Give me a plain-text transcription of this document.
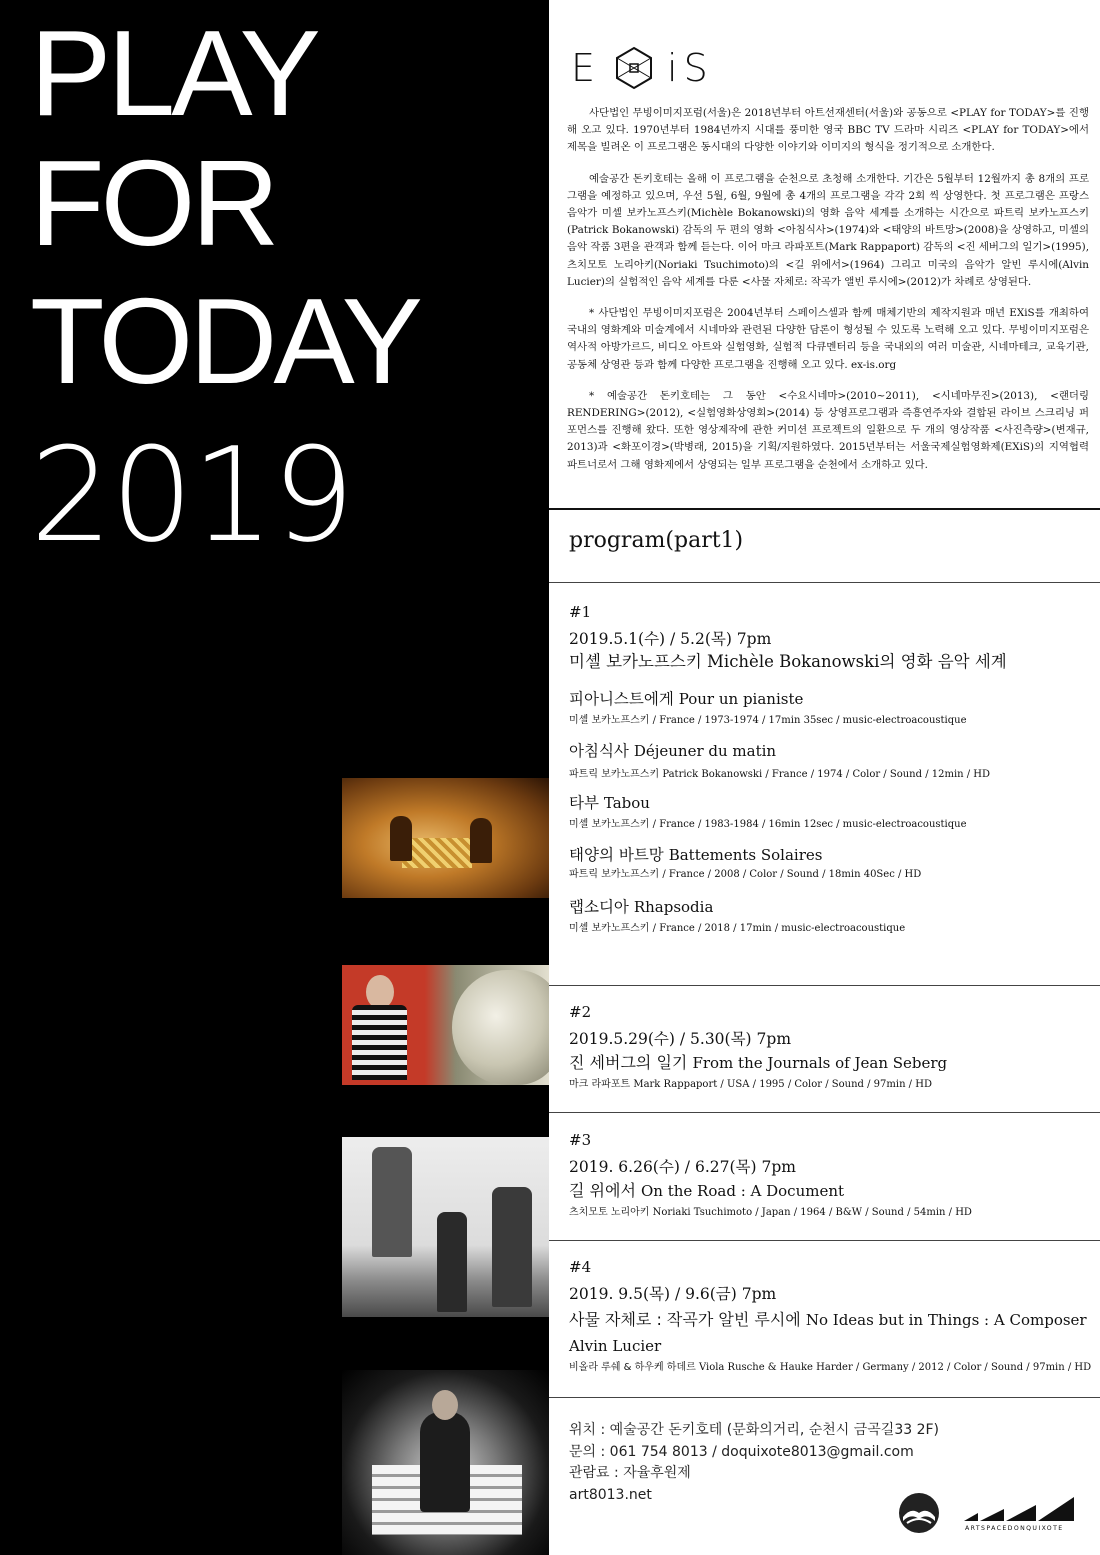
PLAY
FOR
TODAY
2019
E iS

사단법인 무빙이미지포럼(서울)은 2018년부터 아트선재센터(서울)와 공동으로 <PLAY for TODAY>를 진행해 오고 있다. 1970년부터 1984년까지 시대를 풍미한 영국 BBC TV 드라마 시리즈 <PLAY for TODAY>에서 제목을 빌려온 이 프로그램은 동시대의 다양한 이야기와 이미지의 형식을 정기적으로 소개한다.

예술공간 돈키호테는 올해 이 프로그램을 순천으로 초청해 소개한다. 기간은 5월부터 12월까지 총 8개의 프로그램을 예정하고 있으며, 우선 5월, 6월, 9월에 총 4개의 프로그램을 각각 2회 씩 상영한다. 첫 프로그램은 프랑스 음악가 미셸 보카노프스키(Michèle Bokanowski)의 영화 음악 세계를 소개하는 시간으로 파트릭 보카노프스키(Patrick Bokanowski) 감독의 두 편의 영화 <아침식사>(1974)와 <태양의 바트망>(2008)을 상영하고, 미셸의 음악 작품 3편을 관객과 함께 듣는다. 이어 마크 라파포트(Mark Rappaport) 감독의 <진 세버그의 일기>(1995), 츠치모토 노리아키(Noriaki Tsuchimoto)의 <길 위에서>(1964) 그리고 미국의 음악가 알빈 루시에(Alvin Lucier)의 실험적인 음악 세계를 다룬 <사물 자체로: 작곡가 앨빈 루시에>(2012)가 차례로 상영된다.

* 사단법인 무빙이미지포럼은 2004년부터 스페이스셀과 함께 매체기반의 제작지원과 매년 EXiS를 개최하여 국내의 영화계와 미술계에서 시네마와 관련된 다양한 담론이 형성될 수 있도록 노력해 오고 있다. 무빙이미지포럼은 역사적 아방가르드, 비디오 아트와 실험영화, 실험적 다큐멘터리 등을 국내외의 여러 미술관, 시네마테크, 교육기관, 공동체 상영관 등과 함께 다양한 프로그램을 진행해 오고 있다. ex-is.org

* 예술공간 돈키호테는 그 동안 <수요시네마>(2010~2011), <시네마무진>(2013), <랜더링 RENDERING>(2012), <실험영화상영회>(2014) 등 상영프로그램과 즉흥연주자와 결합된 라이브 스크리닝 퍼포먼스를 진행해 왔다. 또한 영상제작에 관한 커미션 프로젝트의 일환으로 두 개의 영상작품 <사진측량>(변재규, 2013)과 <화포이경>(박병래, 2015)을 기획/지원하였다. 2015년부터는 서울국제실험영화제(EXiS)의 지역협력 파트너로서 그해 영화제에서 상영되는 일부 프로그램을 순천에서 소개하고 있다.

program(part1)
#1
2019.5.1(수) / 5.2(목) 7pm
미셸 보카노프스키 Michèle Bokanowski의 영화 음악 세계
피아니스트에게 Pour un pianiste
미셸 보카노프스키 / France / 1973-1974 / 17min 35sec / music-electroacoustique
아침식사 Déjeuner du matin
파트릭 보카노프스키 Patrick Bokanowski / France / 1974 / Color / Sound / 12min / HD
타부 Tabou
미셸 보카노프스키 / France / 1983-1984 / 16min 12sec / music-electroacoustique
태양의 바트망 Battements Solaires
파트릭 보카노프스키 / France / 2008 / Color / Sound / 18min 40Sec / HD
랩소디아 Rhapsodia
미셸 보카노프스키 / France / 2018 / 17min / music-electroacoustique
#2
2019.5.29(수) / 5.30(목) 7pm
진 세버그의 일기 From the Journals of Jean Seberg
마크 라파포트 Mark Rappaport / USA / 1995 / Color / Sound / 97min / HD
#3
2019. 6.26(수) / 6.27(목) 7pm
길 위에서 On the Road : A Document
츠치모토 노리아키 Noriaki Tsuchimoto / Japan / 1964 / B&W / Sound / 54min / HD
#4
2019. 9.5(목) / 9.6(금) 7pm
사물 자체로 : 작곡가 알빈 루시에 No Ideas but in Things : A Composer
Alvin Lucier
비올라 루쉐 & 하우케 하데르 Viola Rusche & Hauke Harder / Germany / 2012 / Color / Sound / 97min / HD
위치 : 예술공간 돈키호테 (문화의거리, 순천시 금곡길33 2F)
문의 : 061 754 8013 / doquixote8013@gmail.com
관람료 : 자율후원제
art8013.net
ARTSPACEDONQUIXOTE
